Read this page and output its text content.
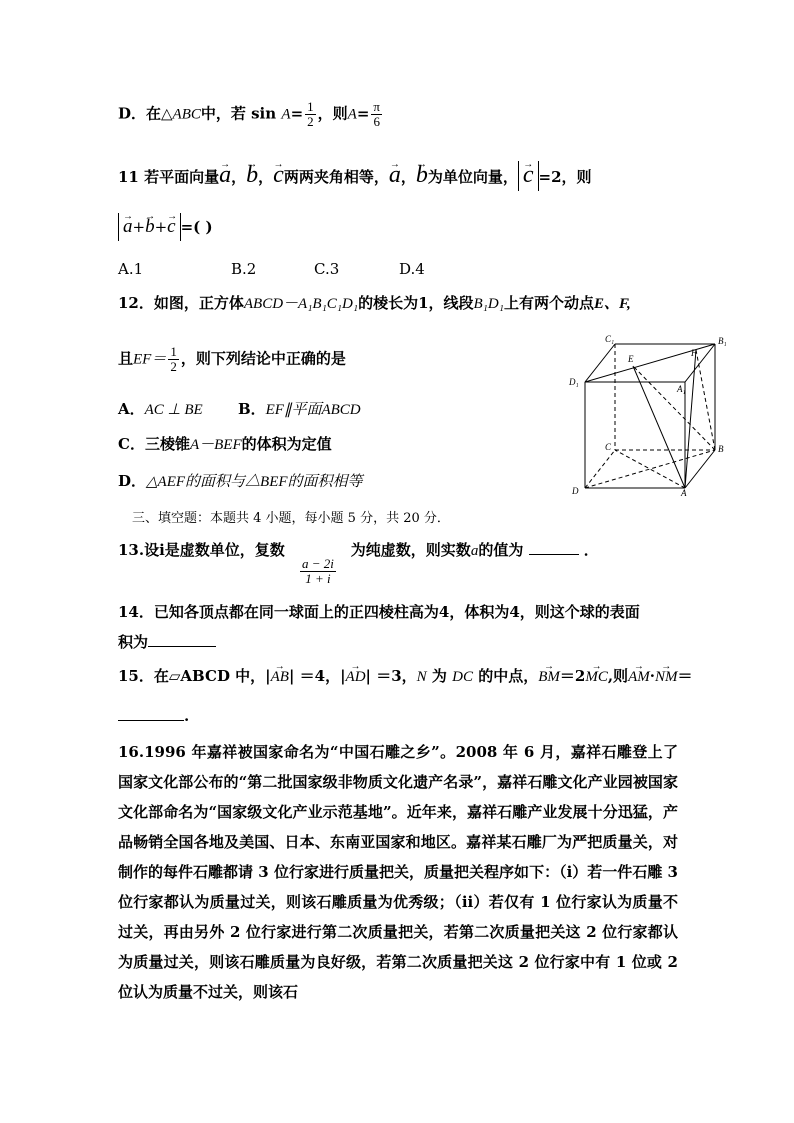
D．在△ABC中，若 $\sin A= \frac{1}{2}$ ，则$A= \frac{\pi}{6}$
11 若平面向量a →，b →，c →两两夹角相等，a →，b →为单位向量， c → =2，则
a →+b →+c → =( )
A.1	B.2	C.3	D.4
12．如图，正方体ABCD－A₁B₁C₁D₁的棱长为1，线段B₁D₁上有两个动点E、F,
且$EF= \frac{1}{2}$ ，则下列结论中正确的是
A．AC ⊥ BE B．EF∥平面ABCD
C．三棱锥A－BEF的体积为定值
D．△AEF的面积与△BEF的面积相等
C₁	B₁
D₁
A₁
E
F
C	B
D	A
三、填空题：本题共 4 小题，每小题 5 分，共 20 分．
13.设i是虚数单位，复数	为纯虚数，则实数a的值为	．
$\frac{a - 2i}{1 + i}$
14．已知各顶点都在同一球面上的正四棱柱高为4，体积为4，则这个球的表面
积为
15．在▱ABCD 中，|AB →| ＝4，|AD →| ＝3，N 为 DC 的中点，BM →＝2MC →,则AM →·NM →＝
.
16.1996 年嘉祥被国家命名为“中国石雕之乡”。2008 年 6 月，嘉祥石雕登上了国家文化部公布的“第二批国家级非物质文化遗产名录”，嘉祥石雕文化产业园被国家文化部命名为“国家级文化产业示范基地”。近年来，嘉祥石雕产业发展十分迅猛，产品畅销全国各地及美国、日本、东南亚国家和地区。嘉祥某石雕厂为严把质量关，对制作的每件石雕都请 3 位行家进行质量把关，质量把关程序如下：（i）若一件石雕 3 位行家都认为质量过关，则该石雕质量为优秀级；（ii）若仅有 1 位行家认为质量不过关，再由另外 2 位行家进行第二次质量把关，若第二次质量把关这 2 位行家都认为质量过关，则该石雕质量为良好级，若第二次质量把关这 2 位行家中有 1 位或 2 位认为质量不过关，则该石
